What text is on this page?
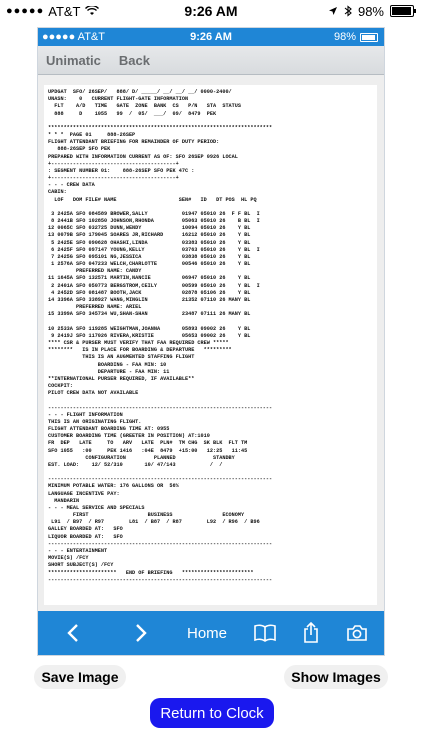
●●●●● AT&T	9:26 AM	98%
●●●●● AT&T	9:26 AM	98%
Unimatic Back
UPDGAT  SFO/ 26SEP/   888/ D/ _____/ __/ __/ __/ 0000-2400/
UNASN:    0   CURRENT FLIGHT-GATE INFORMATION
FLT    A/D   TIME   GATE  ZONE  BANK  CS   P/N   STA  STATUS
888     D    1055   99  /  05/  ___/  09/  8479  PEK

************************************************************************
* * *  PAGE 01     888-26SEP
FLIGHT ATTENDANT BRIEFING FOR REMAINDER OF DUTY PERIOD:
888-26SEP SFO PEK
PREPARED WITH INFORMATION CURRENT AS OF: SFO 26SEP 0926 LOCAL
+----------------------------------------+
: SEGMENT NUMBER 01:    888-26SEP SFO PEK 47C :
+----------------------------------------+
- - - CREW DATA
CABIN:
LOF   DOM FILE# NAME                    SEN#   ID   DT POS  HL PQ

3 2425A SFO 084589 BROWER,SALLY           01947 05010 26  F F BL  I
8 2441B SFO 102850 JOHNSON,RHONDA         05063 05010 26    B BL  I
12 0065C SFO 032725 DUNN,WENDY             10094 05010 26    Y BL
13 0079B SFO 179045 SOARES JR,RICHARD      16212 05010 26    Y BL
5 2425E SFO 090628 OHASHI,LINDA           03383 05010 26    Y BL
6 2425F SFO 097147 YOUNG,KELLY            03763 05010 26    Y BL  I
7 2425G SFO 095101 NG,JESSICA             03838 05010 26    Y BL
1 2576A SFO 047233 WELCH,CHARLOTTE        00546 05010 26    Y BL
PREFERRED NAME: CANDY
11 1645A SFO 132571 MARTIN,NANCIE          06947 05010 26    Y BL
2 2401A SFO 050773 BERGSTROM,CEILY        00599 05010 26    Y BL  I
4 2452D SFO 081487 BOOTH,JACK             02878 05106 26    Y BL
14 3396A SFO 338927 WANG,MINGLIN           21352 07110 26 MANY BL
PREFERRED NAME: ARIEL
15 3399A SFO 345734 WU,SHAN-SHAN           23487 07111 26 MANY BL

10 2533A SFO 119285 WEIGHTMAN,JOANNA       05893 09002 26    Y BL
9 2419J SFO 117026 RIVERA,KRISTIE         05653 09002 26    Y BL
**** CSR & PURSER MUST VERIFY THAT FAA REQUIRED CREW *****
********   IS IN PLACE FOR BOARDING & DEPARTURE   *********
THIS IS AN AUGMENTED STAFFING FLIGHT
BOARDING - FAA MIN: 10
DEPARTURE - FAA MIN: 11
**INTERNATIONAL PURSER REQUIRED, IF AVAILABLE**
COCKPIT:
PILOT CREW DATA NOT AVAILABLE

------------------------------------------------------------------------
- - - FLIGHT INFORMATION
THIS IS AN ORIGINATING FLIGHT.
FLIGHT ATTENDANT BOARDING TIME AT: 0955
CUSTOMER BOARDING TIME (GREETER IN POSITION) AT:1010
FR  DEP   LATE     TO   ARV   LATE  PLN#  TM CHG  SK BLK  FLT TM
SFO 1055   :00     PEK 1416   :04E  8479  +15:00   12:25   11:45
CONFIGURATION         PLANNED            STANDBY
EST. LOAD:    12/ 52/310       10/ 47/143           /  /

------------------------------------------------------------------------
MINIMUM POTABLE WATER: 176 GALLONS OR  56%
LANGUAGE INCENTIVE PAY:
MANDARIN
- - - MEAL SERVICE AND SPECIALS
FIRST                   BUSINESS                ECONOMY
L91  / B97  / R97        L81  / B87  / R87        L92  / R96  / B96
GALLEY BOARDED AT:   SFO
LIQUOR BOARDED AT:   SFO
------------------------------------------------------------------------
- - - ENTERTAINMENT
MOVIE(S) /FCY
SHORT SUBJECT(S) /FCY
**********************   END OF BRIEFING   ***********************
------------------------------------------------------------------------

Home
Save Image	Show Images
Return to Clock
